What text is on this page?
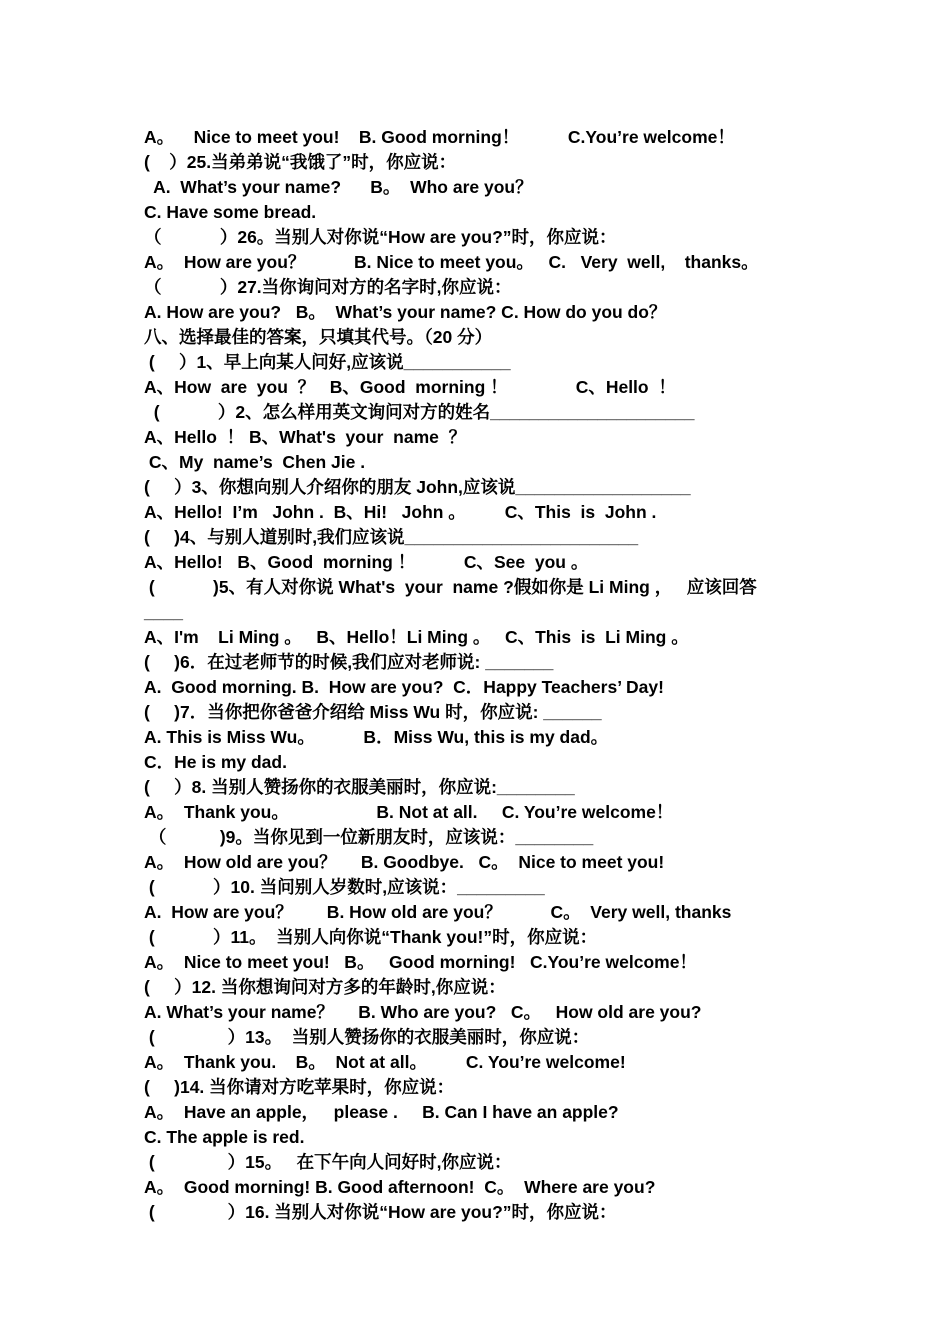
A。    Nice to meet you!    B. Good morning！          C.You’re welcome！
(    ）25.当弟弟说“我饿了”时，你应说：
A.  What’s your name?      B。  Who are you？
C. Have some bread.
（            ）26。当别人对你说“How are you?”时，你应说：
A。  How are you？          B. Nice to meet you。   C.   Very  well,    thanks。
（            ）27.当你询问对方的名字时,你应说：
A. How are you?   B。  What’s your name? C. How do you do？
八、选择最佳的答案，只填其代号。（20 分）
(     ）1、早上向某人问好,应该说___________
A、How  are  you  ？   B、Good  morning ！              C、Hello  ！
(            ）2、怎么样用英文询问对方的姓名_____________________
A、Hello  ！ B、What's  your  name  ？
C、My  name’s  Chen Jie .
(     ）3、你想向别人介绍你的朋友 John,应该说__________________
A、Hello!  I’m   John .  B、Hi!   John 。        C、This  is  John .
(     )4、与别人道别时,我们应该说________________________
A、Hello!   B、Good  morning ！          C、See  you 。
(            )5、有人对你说 What's  your  name ?假如你是 Li Ming ，   应该回答
____
A、I'm    Li Ming 。   B、Hello！Li Ming 。   C、This  is  Li Ming 。
(     )6．在过老师节的时候,我们应对老师说: _______
A.  Good morning. B.  How are you?  C．Happy Teachers’ Day!
(     )7．当你把你爸爸介绍给 Miss Wu 时，你应说: ______
A. This is Miss Wu。          B．Miss Wu, this is my dad。
C．He is my dad.
(     ）8. 当别人赞扬你的衣服美丽时，你应说:________
A。  Thank you。                  B. Not at all.     C. You’re welcome！
（           )9。当你见到一位新朋友时，应该说：________
A。  How old are you？     B. Goodbye.   C。  Nice to meet you!
(            ）10. 当问别人岁数时,应该说：_________
A.  How are you？       B. How old are you？          C。  Very well, thanks
(            ）11。  当别人向你说“Thank you!”时，你应说：
A。  Nice to meet you!   B。   Good morning!   C.You’re welcome！
(     ）12. 当你想询问对方多的年龄时,你应说：
A. What’s your name？     B. Who are you?   C。   How old are you?
(               ）13。  当别人赞扬你的衣服美丽时，你应说：
A。  Thank you.    B。  Not at all。        C. You’re welcome!
(     )14. 当你请对方吃苹果时，你应说：
A。  Have an apple，   please .     B. Can I have an apple?
C. The apple is red.
(               ）15。   在下午向人问好时,你应说：
A。  Good morning! B. Good afternoon!  C。  Where are you?
(               ）16. 当别人对你说“How are you?”时，你应说：
